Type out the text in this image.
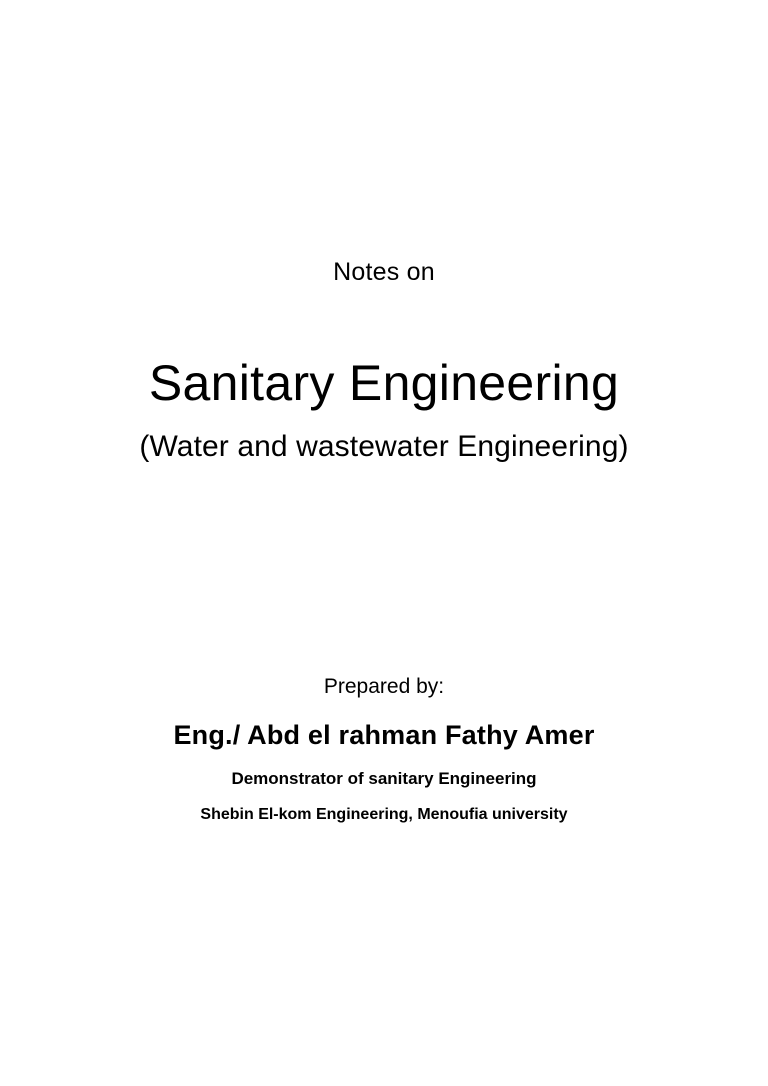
Notes on
Sanitary Engineering
(Water and wastewater Engineering)
Prepared by:
Eng./ Abd el rahman Fathy Amer
Demonstrator of sanitary Engineering
Shebin El-kom Engineering, Menoufia university
